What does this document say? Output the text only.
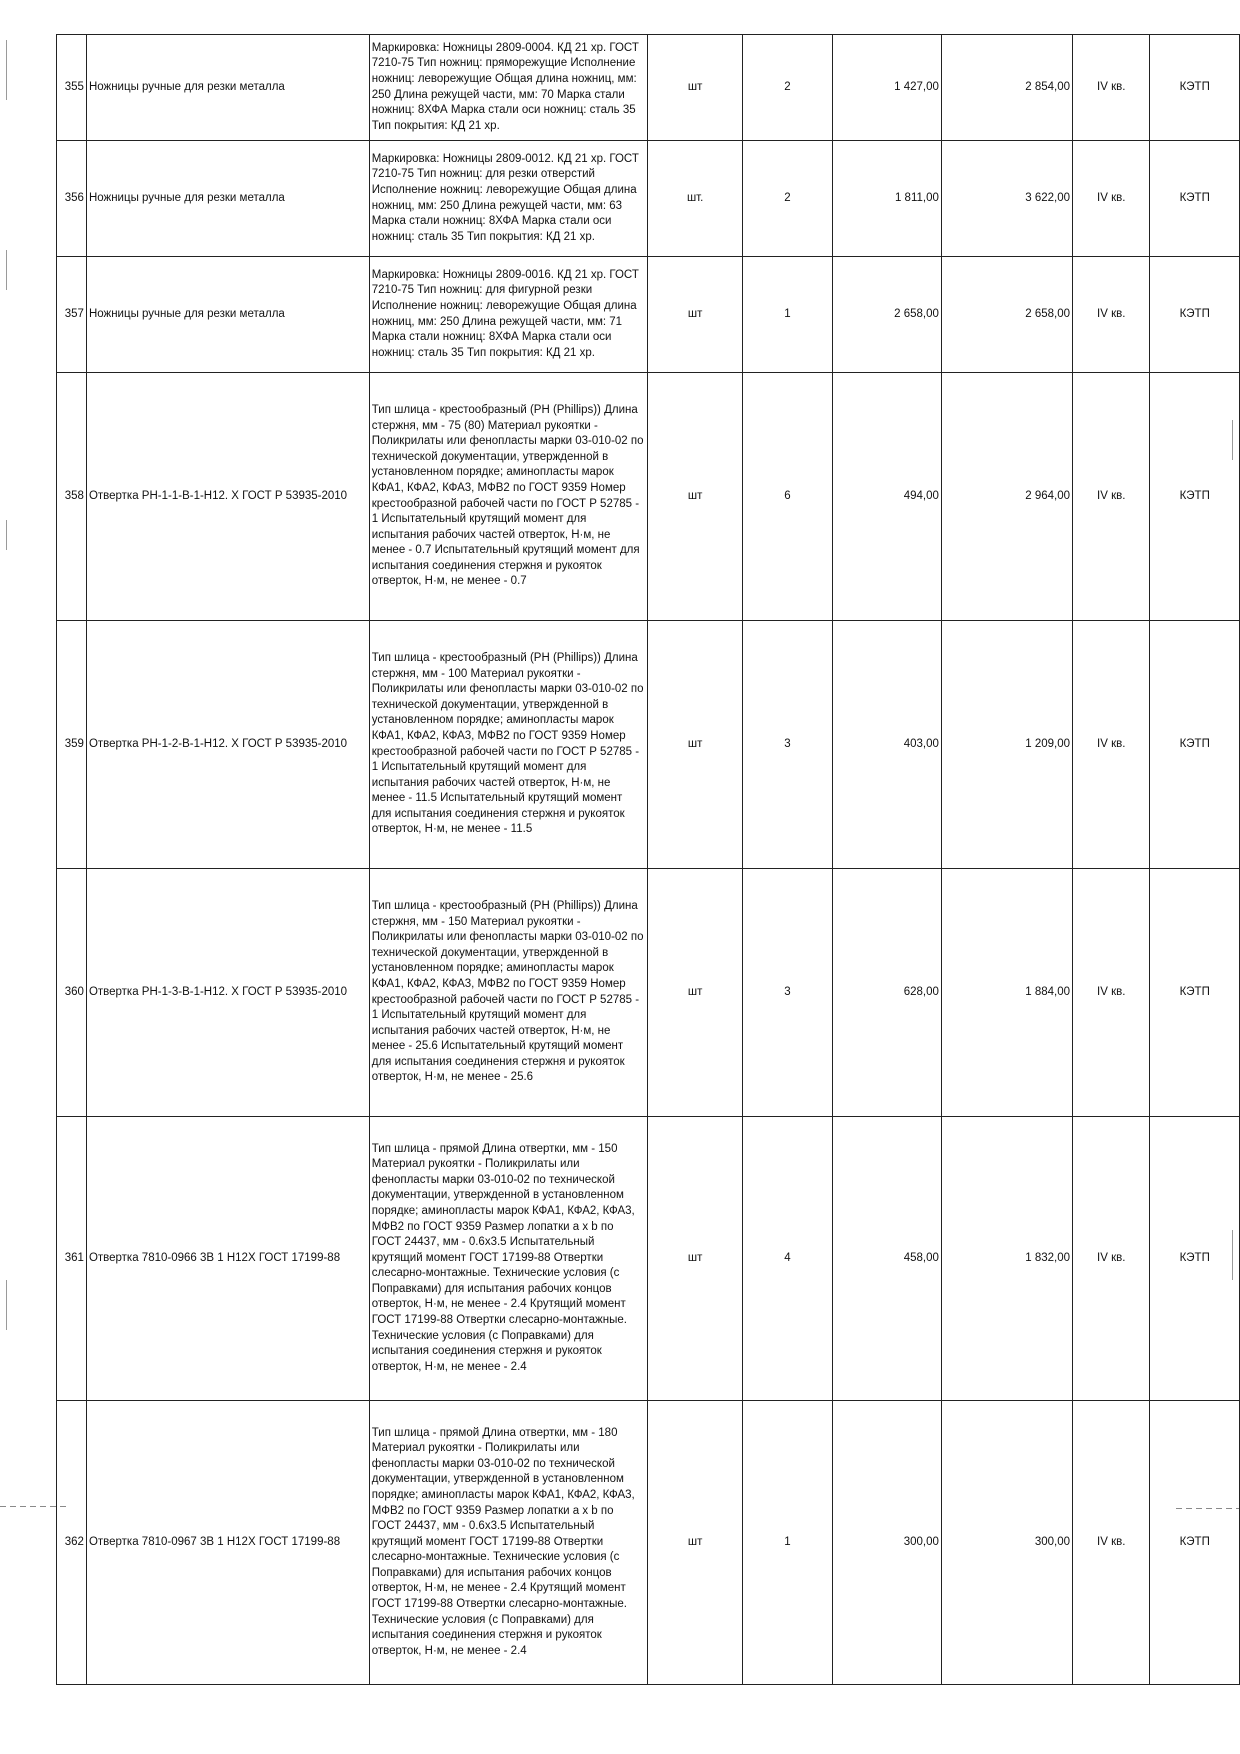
355	Ножницы ручные для резки металла	Маркировка: Ножницы 2809-0004. КД 21 хр. ГОСТ 7210-75 Тип ножниц: пряморежущие Исполнение ножниц: леворежущие Общая длина ножниц, мм: 250 Длина режущей части, мм: 70 Марка стали ножниц: 8ХФА Марка стали оси ножниц: сталь 35 Тип покрытия: КД 21 хр.	шт	2	1 427,00	2 854,00	IV кв.	КЭТП
356	Ножницы ручные для резки металла	Маркировка: Ножницы 2809-0012. КД 21 хр. ГОСТ 7210-75 Тип ножниц: для резки отверстий Исполнение ножниц: леворежущие Общая длина ножниц, мм: 250 Длина режущей части, мм: 63 Марка стали ножниц: 8ХФА Марка стали оси ножниц: сталь 35 Тип покрытия: КД 21 хр.	шт.	2	1 811,00	3 622,00	IV кв.	КЭТП
357	Ножницы ручные для резки металла	Маркировка: Ножницы 2809-0016. КД 21 хр. ГОСТ 7210-75 Тип ножниц: для фигурной резки Исполнение ножниц: леворежущие Общая длина ножниц, мм: 250 Длина режущей части, мм: 71 Марка стали ножниц: 8ХФА Марка стали оси ножниц: сталь 35 Тип покрытия: КД 21 хр.	шт	1	2 658,00	2 658,00	IV кв.	КЭТП
358	Отвертка PH-1-1-В-1-Н12. Х ГОСТ Р 53935-2010	Тип шлица - крестообразный (PH (Phillips)) Длина стержня, мм - 75 (80) Материал рукоятки - Поликрилаты или фенопласты марки 03-010-02 по технической документации, утвержденной в установленном порядке; аминопласты марок КФА1, КФА2, КФА3, МФВ2 по ГОСТ 9359 Номер крестообразной рабочей части по ГОСТ Р 52785 - 1 Испытательный крутящий момент для испытания рабочих частей отверток, Н·м, не менее - 0.7 Испытательный крутящий момент для испытания соединения стержня и рукояток отверток, Н·м, не менее - 0.7	шт	6	494,00	2 964,00	IV кв.	КЭТП
359	Отвертка PH-1-2-В-1-Н12. Х ГОСТ Р 53935-2010	Тип шлица - крестообразный (PH (Phillips)) Длина стержня, мм - 100 Материал рукоятки - Поликрилаты или фенопласты марки 03-010-02 по технической документации, утвержденной в установленном порядке; аминопласты марок КФА1, КФА2, КФА3, МФВ2 по ГОСТ 9359 Номер крестообразной рабочей части по ГОСТ Р 52785 - 1 Испытательный крутящий момент для испытания рабочих частей отверток, Н·м, не менее - 11.5 Испытательный крутящий момент для испытания соединения стержня и рукояток отверток, Н·м, не менее - 11.5	шт	3	403,00	1 209,00	IV кв.	КЭТП
360	Отвертка PH-1-3-В-1-Н12. Х ГОСТ Р 53935-2010	Тип шлица - крестообразный (PH (Phillips)) Длина стержня, мм - 150 Материал рукоятки - Поликрилаты или фенопласты марки 03-010-02 по технической документации, утвержденной в установленном порядке; аминопласты марок КФА1, КФА2, КФА3, МФВ2 по ГОСТ 9359 Номер крестообразной рабочей части по ГОСТ Р 52785 - 1 Испытательный крутящий момент для испытания рабочих частей отверток, Н·м, не менее - 25.6 Испытательный крутящий момент для испытания соединения стержня и рукояток отверток, Н·м, не менее - 25.6	шт	3	628,00	1 884,00	IV кв.	КЭТП
361	Отвертка 7810-0966 3В 1 Н12Х ГОСТ 17199-88	Тип шлица - прямой Длина отвертки, мм - 150 Материал рукоятки - Поликрилаты или фенопласты марки 03-010-02 по технической документации, утвержденной в установленном порядке; аминопласты марок КФА1, КФА2, КФА3, МФВ2 по ГОСТ 9359 Размер лопатки a x b по ГОСТ 24437, мм - 0.6x3.5 Испытательный крутящий момент ГОСТ 17199-88 Отвертки слесарно-монтажные. Технические условия (с Поправками) для испытания рабочих концов отверток, Н·м, не менее - 2.4 Крутящий момент ГОСТ 17199-88 Отвертки слесарно-монтажные. Технические условия (с Поправками) для испытания соединения стержня и рукояток отверток, Н·м, не менее - 2.4	шт	4	458,00	1 832,00	IV кв.	КЭТП
362	Отвертка 7810-0967 3В 1 Н12Х ГОСТ 17199-88	Тип шлица - прямой Длина отвертки, мм - 180 Материал рукоятки - Поликрилаты или фенопласты марки 03-010-02 по технической документации, утвержденной в установленном порядке; аминопласты марок КФА1, КФА2, КФА3, МФВ2 по ГОСТ 9359 Размер лопатки a x b по ГОСТ 24437, мм - 0.6x3.5 Испытательный крутящий момент ГОСТ 17199-88 Отвертки слесарно-монтажные. Технические условия (с Поправками) для испытания рабочих концов отверток, Н·м, не менее - 2.4 Крутящий момент ГОСТ 17199-88 Отвертки слесарно-монтажные. Технические условия (с Поправками) для испытания соединения стержня и рукояток отверток, Н·м, не менее - 2.4	шт	1	300,00	300,00	IV кв.	КЭТП
